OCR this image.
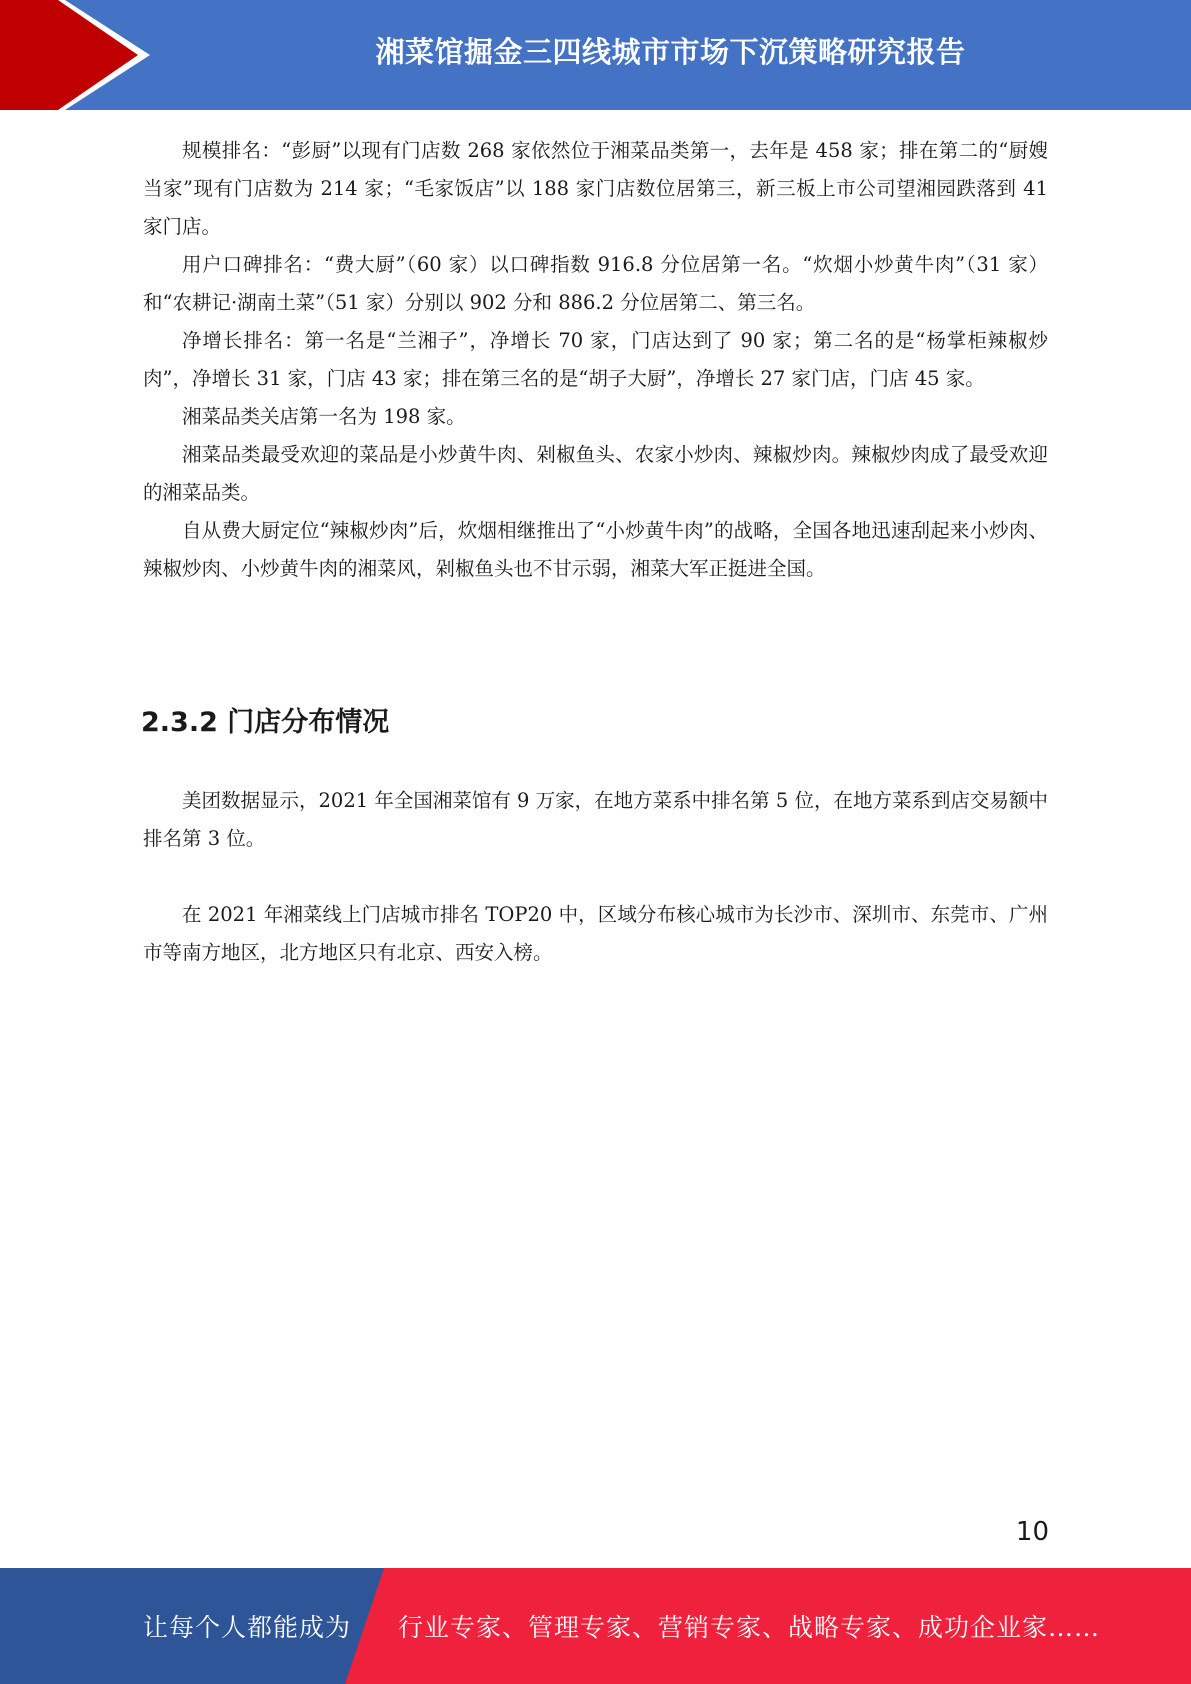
湘菜馆掘金三四线城市市场下沉策略研究报告

规模排名：“彭厨”以现有门店数 268 家依然位于湘菜品类第一，去年是 458 家；排在第二的“厨嫂当家”现有门店数为 214 家；“毛家饭店”以 188 家门店数位居第三，新三板上市公司望湘园跌落到 41 家门店。

用户口碑排名：“费大厨”（60 家）以口碑指数 916.8 分位居第一名。“炊烟小炒黄牛肉”（31 家）和“农耕记·湖南土菜”（51 家）分别以 902 分和 886.2 分位居第二、第三名。

净增长排名：第一名是“兰湘子”，净增长 70 家，门店达到了 90 家；第二名的是“杨掌柜辣椒炒肉”，净增长 31 家，门店 43 家；排在第三名的是“胡子大厨”，净增长 27 家门店，门店 45 家。

湘菜品类关店第一名为 198 家。

湘菜品类最受欢迎的菜品是小炒黄牛肉、剁椒鱼头、农家小炒肉、辣椒炒肉。辣椒炒肉成了最受欢迎的湘菜品类。

自从费大厨定位“辣椒炒肉”后，炊烟相继推出了“小炒黄牛肉”的战略，全国各地迅速刮起来小炒肉、辣椒炒肉、小炒黄牛肉的湘菜风，剁椒鱼头也不甘示弱，湘菜大军正挺进全国。

2.3.2 门店分布情况

美团数据显示，2021 年全国湘菜馆有 9 万家，在地方菜系中排名第 5 位，在地方菜系到店交易额中排名第 3 位。

在 2021 年湘菜线上门店城市排名 TOP20 中，区域分布核心城市为长沙市、深圳市、东莞市、广州市等南方地区，北方地区只有北京、西安入榜。

10
让每个人都能成为 行业专家、管理专家、营销专家、战略专家、成功企业家……
